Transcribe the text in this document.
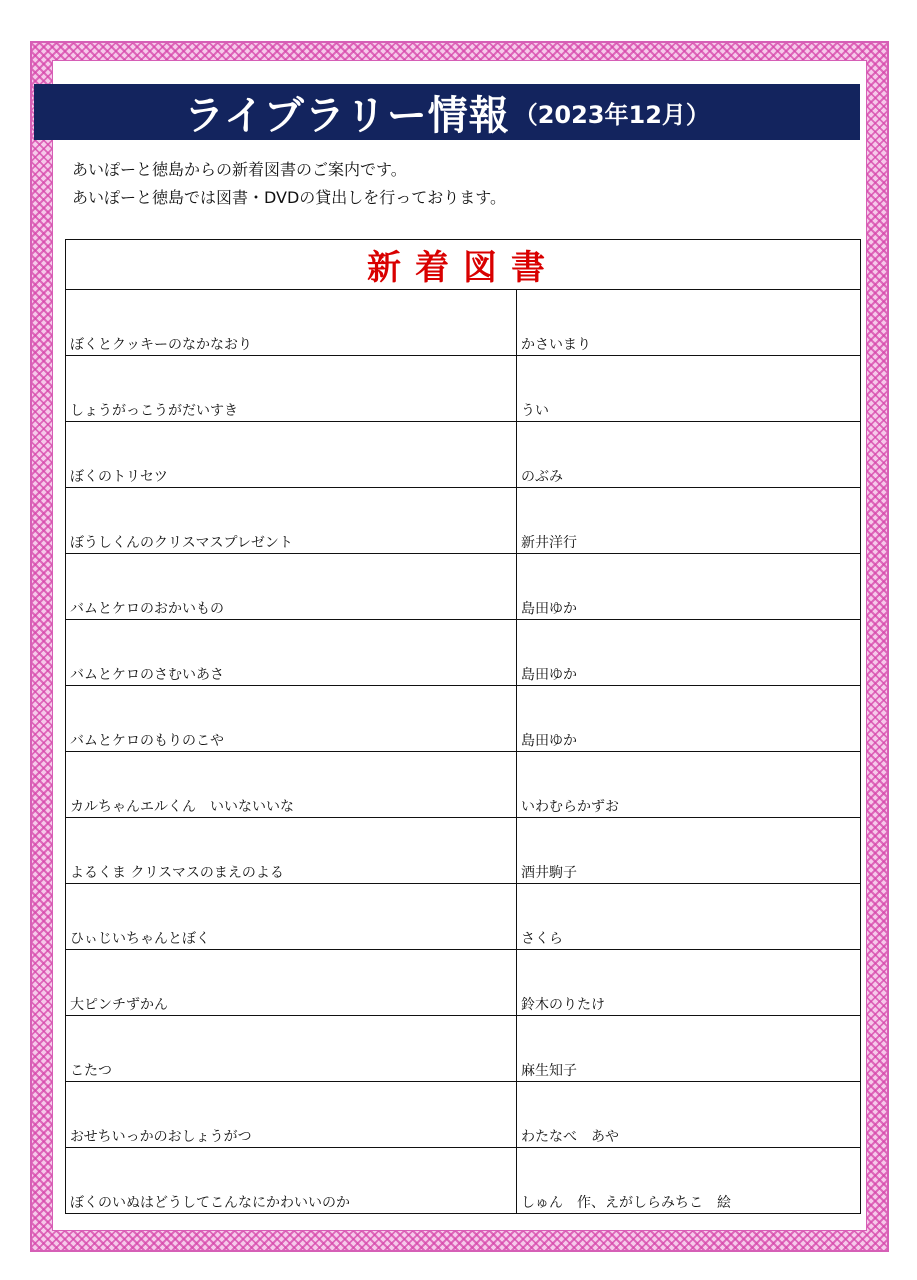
ライブラリー情報 （2023年12月）
あいぽーと徳島からの新着図書のご案内です。
あいぽーと徳島では図書・DVDの貸出しを行っております。
新着図書	
ぼくとクッキーのなかなおり	かさいまり
しょうがっこうがだいすき	うい
ぼくのトリセツ	のぶみ
ぼうしくんのクリスマスプレゼント	新井洋行
バムとケロのおかいもの	島田ゆか
バムとケロのさむいあさ	島田ゆか
バムとケロのもりのこや	島田ゆか
カルちゃんエルくん　いいないいな	いわむらかずお
よるくま クリスマスのまえのよる	酒井駒子
ひぃじいちゃんとぼく	さくら
大ピンチずかん	鈴木のりたけ
こたつ	麻生知子
おせちいっかのおしょうがつ	わたなべ　あや
ぼくのいぬはどうしてこんなにかわいいのか	しゅん　作、えがしらみちこ　絵
